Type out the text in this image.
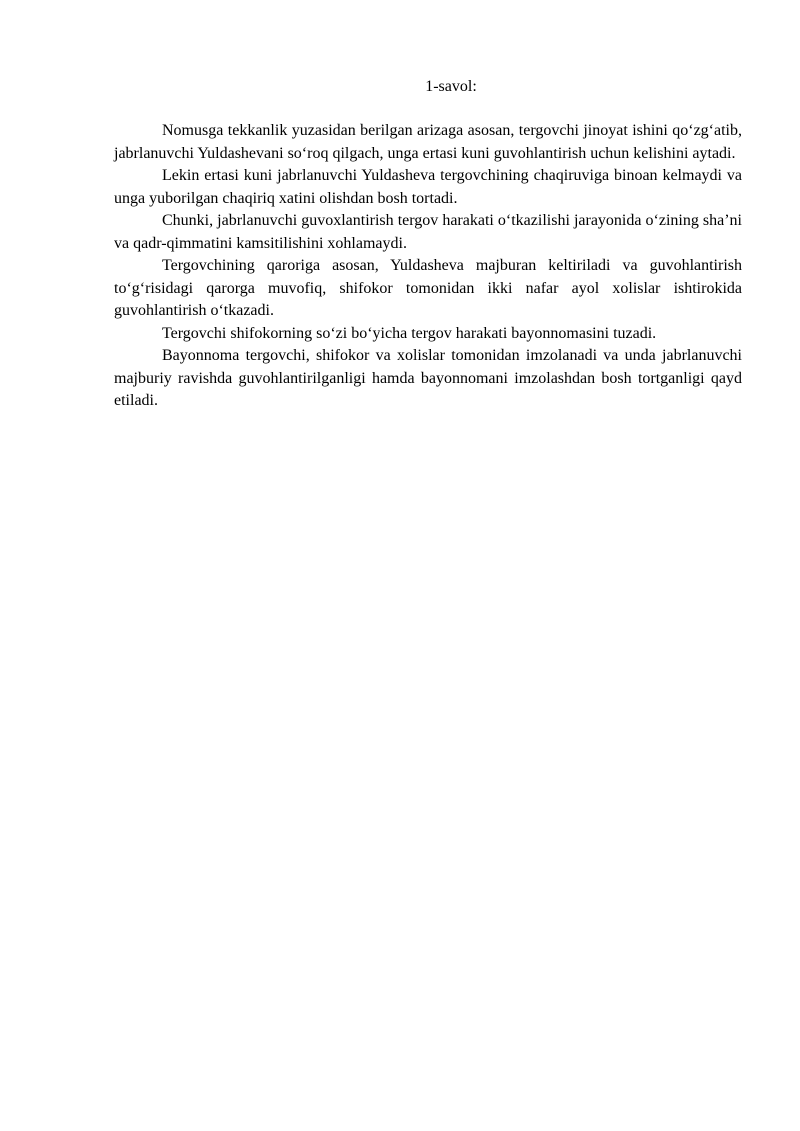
1-savol:

Nomusga tekkanlik yuzasidan berilgan arizaga asosan, tergovchi jinoyat ishini qo‘zg‘atib, jabrlanuvchi Yuldashevani so‘roq qilgach, unga ertasi kuni guvohlantirish uchun kelishini aytadi.

Lekin ertasi kuni jabrlanuvchi Yuldasheva tergovchining chaqiruviga binoan kelmaydi va unga yuborilgan chaqiriq xatini olishdan bosh tortadi.

Chunki, jabrlanuvchi guvoxlantirish tergov harakati o‘tkazilishi jarayonida o‘zining sha’ni va qadr-qimmatini kamsitilishini xohlamaydi.

Tergovchining qaroriga asosan, Yuldasheva majburan keltiriladi va guvohlantirish to‘g‘risidagi qarorga muvofiq, shifokor tomonidan ikki nafar ayol xolislar ishtirokida guvohlantirish o‘tkazadi.

Tergovchi shifokorning so‘zi bo‘yicha tergov harakati bayonnomasini tuzadi.

Bayonnoma tergovchi, shifokor va xolislar tomonidan imzolanadi va unda jabrlanuvchi majburiy ravishda guvohlantirilganligi hamda bayonnomani imzolashdan bosh tortganligi qayd etiladi.
